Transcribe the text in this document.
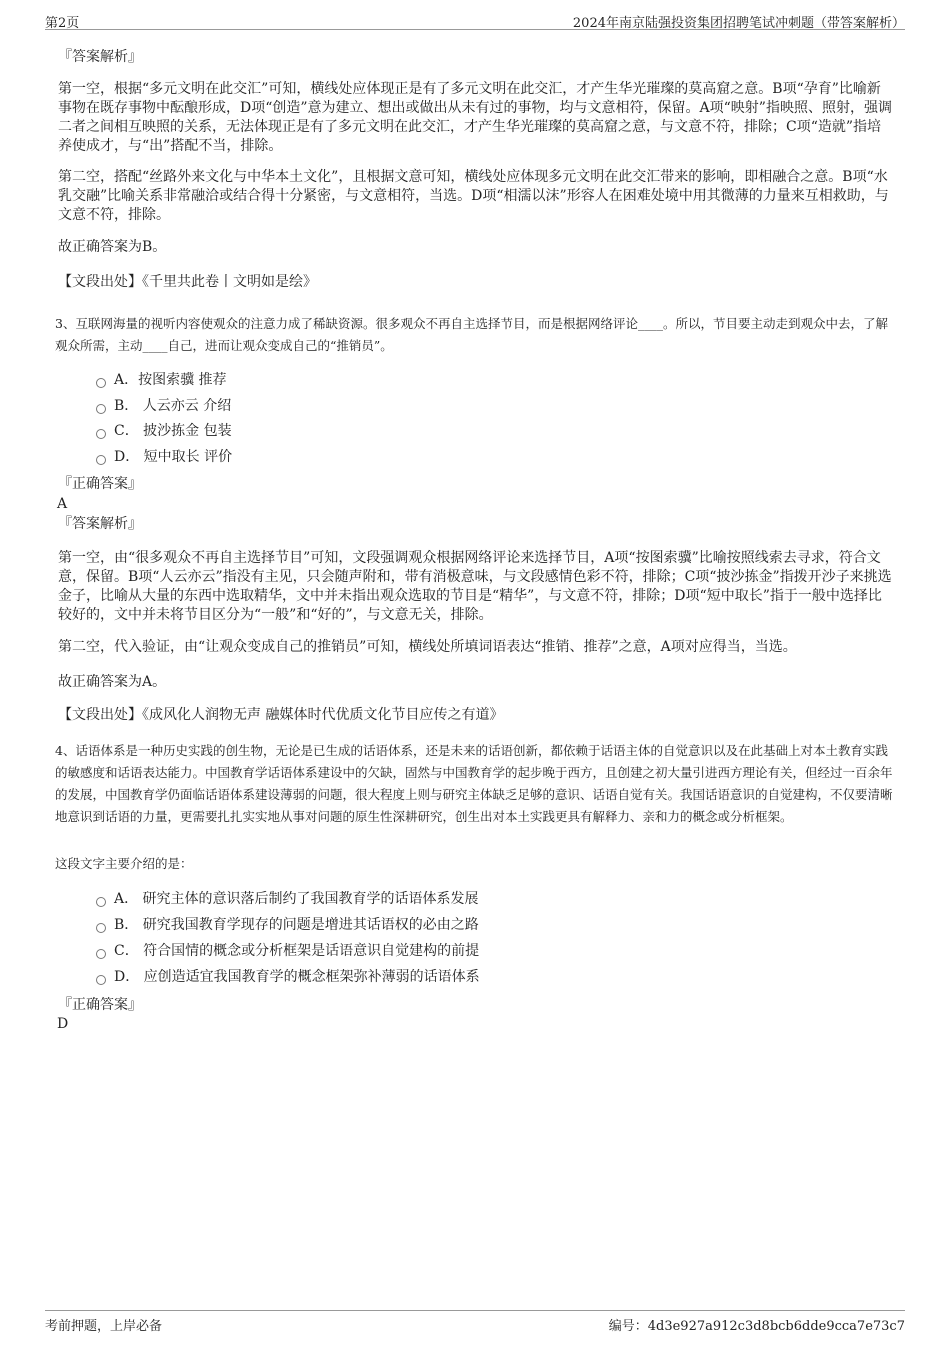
第2页	2024年南京陆强投资集团招聘笔试冲刺题（带答案解析）
『答案解析』
第一空，根据“多元文明在此交汇”可知，横线处应体现正是有了多元文明在此交汇，才产生华光璀璨的莫高窟之意。B项“孕育”比喻新事物在既存事物中酝酿形成，D项“创造”意为建立、想出或做出从未有过的事物，均与文意相符，保留。A项“映射”指映照、照射，强调二者之间相互映照的关系，无法体现正是有了多元文明在此交汇，才产生华光璀璨的莫高窟之意，与文意不符，排除；C项“造就”指培养使成才，与“出”搭配不当，排除。
第二空，搭配“丝路外来文化与中华本土文化”，且根据文意可知，横线处应体现多元文明在此交汇带来的影响，即相融合之意。B项“水乳交融”比喻关系非常融洽或结合得十分紧密，与文意相符，当选。D项“相濡以沫”形容人在困难处境中用其微薄的力量来互相救助，与文意不符，排除。
故正确答案为B。
【文段出处】《千里共此卷丨文明如是绘》
3、互联网海量的视听内容使观众的注意力成了稀缺资源。很多观众不再自主选择节目，而是根据网络评论____。所以，节目要主动走到观众中去，了解观众所需，主动____自己，进而让观众变成自己的“推销员”。
A．按图索骥 推荐
B． 人云亦云 介绍
C． 披沙拣金 包装
D． 短中取长 评价
『正确答案』
A
『答案解析』
第一空，由“很多观众不再自主选择节目”可知，文段强调观众根据网络评论来选择节目，A项“按图索骥”比喻按照线索去寻求，符合文意，保留。B项“人云亦云”指没有主见，只会随声附和，带有消极意味，与文段感情色彩不符，排除；C项“披沙拣金”指拨开沙子来挑选金子，比喻从大量的东西中选取精华，文中并未指出观众选取的节目是“精华”，与文意不符，排除；D项“短中取长”指于一般中选择比较好的，文中并未将节目区分为“一般”和“好的”，与文意无关，排除。
第二空，代入验证，由“让观众变成自己的推销员”可知，横线处所填词语表达“推销、推荐”之意，A项对应得当，当选。
故正确答案为A。
【文段出处】《成风化人润物无声 融媒体时代优质文化节目应传之有道》
4、话语体系是一种历史实践的创生物，无论是已生成的话语体系，还是未来的话语创新，都依赖于话语主体的自觉意识以及在此基础上对本土教育实践的敏感度和话语表达能力。中国教育学话语体系建设中的欠缺，固然与中国教育学的起步晚于西方，且创建之初大量引进西方理论有关，但经过一百余年的发展，中国教育学仍面临话语体系建设薄弱的问题，很大程度上则与研究主体缺乏足够的意识、话语自觉有关。我国话语意识的自觉建构，不仅要清晰地意识到话语的力量，更需要扎扎实实地从事对问题的原生性深耕研究，创生出对本土实践更具有解释力、亲和力的概念或分析框架。
这段文字主要介绍的是：
A． 研究主体的意识落后制约了我国教育学的话语体系发展
B． 研究我国教育学现存的问题是增进其话语权的必由之路
C． 符合国情的概念或分析框架是话语意识自觉建构的前提
D． 应创造适宜我国教育学的概念框架弥补薄弱的话语体系
『正确答案』
D
考前押题，上岸必备	编号：4d3e927a912c3d8bcb6dde9cca7e73c7
